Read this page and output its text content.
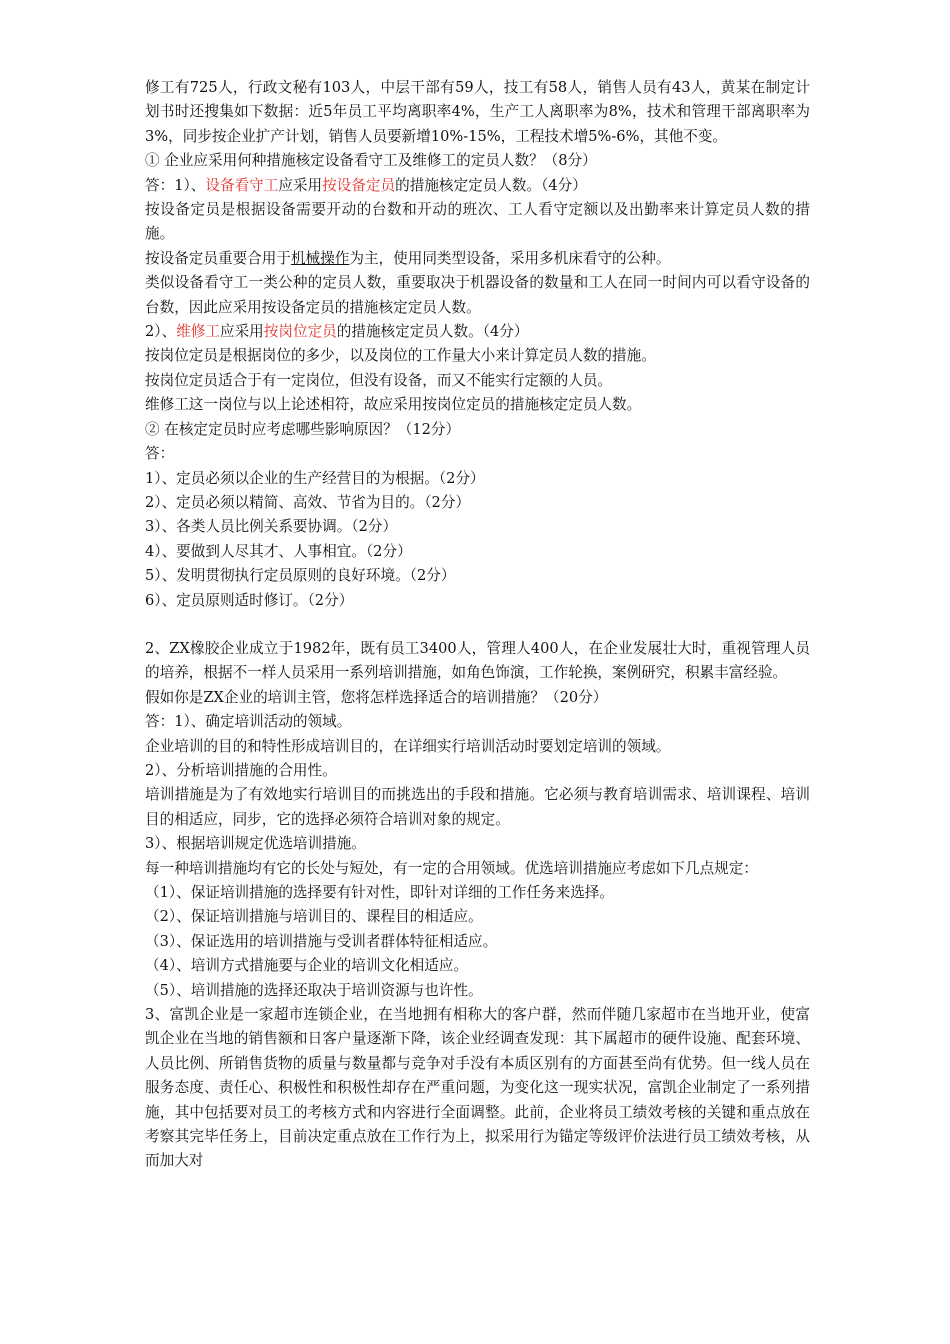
修工有725人，行政文秘有103人，中层干部有59人，技工有58人，销售人员有43人，黄某在制定计划书时还搜集如下数据：近5年员工平均离职率4%，生产工人离职率为8%，技术和管理干部离职率为3%，同步按企业扩产计划，销售人员要新增10%-15%，工程技术增5%-6%，其他不变。

① 企业应采用何种措施核定设备看守工及维修工的定员人数？（8分）

答：1）、设备看守工应采用按设备定员的措施核定定员人数。（4分）

按设备定员是根据设备需要开动的台数和开动的班次、工人看守定额以及出勤率来计算定员人数的措施。

按设备定员重要合用于机械操作为主，使用同类型设备，采用多机床看守的公种。

类似设备看守工一类公种的定员人数，重要取决于机器设备的数量和工人在同一时间内可以看守设备的台数，因此应采用按设备定员的措施核定定员人数。

2）、维修工应采用按岗位定员的措施核定定员人数。（4分）

按岗位定员是根据岗位的多少，以及岗位的工作量大小来计算定员人数的措施。

按岗位定员适合于有一定岗位，但没有设备，而又不能实行定额的人员。

维修工这一岗位与以上论述相符，故应采用按岗位定员的措施核定定员人数。

② 在核定定员时应考虑哪些影响原因？（12分）

答：

1）、定员必须以企业的生产经营目的为根据。（2分）

2）、定员必须以精简、高效、节省为目的。（2分）

3）、各类人员比例关系要协调。（2分）

4）、要做到人尽其才、人事相宜。（2分）

5）、发明贯彻执行定员原则的良好环境。（2分）

6）、定员原则适时修订。（2分）

2、ZX橡胶企业成立于1982年，既有员工3400人，管理人400人，在企业发展壮大时，重视管理人员的培养，根据不一样人员采用一系列培训措施，如角色饰演，工作轮换，案例研究，积累丰富经验。

假如你是ZX企业的培训主管，您将怎样选择适合的培训措施？（20分）

答：1）、确定培训活动的领域。

企业培训的目的和特性形成培训目的，在详细实行培训活动时要划定培训的领域。

2）、分析培训措施的合用性。

培训措施是为了有效地实行培训目的而挑选出的手段和措施。它必须与教育培训需求、培训课程、培训目的相适应，同步，它的选择必须符合培训对象的规定。

3）、根据培训规定优选培训措施。

每一种培训措施均有它的长处与短处，有一定的合用领域。优选培训措施应考虑如下几点规定：

（1）、保证培训措施的选择要有针对性，即针对详细的工作任务来选择。

（2）、保证培训措施与培训目的、课程目的相适应。

（3）、保证选用的培训措施与受训者群体特征相适应。

（4）、培训方式措施要与企业的培训文化相适应。

（5）、培训措施的选择还取决于培训资源与也许性。

3、富凯企业是一家超市连锁企业，在当地拥有相称大的客户群，然而伴随几家超市在当地开业，使富凯企业在当地的销售额和日客户量逐渐下降，该企业经调查发现：其下属超市的硬件设施、配套环境、人员比例、所销售货物的质量与数量都与竞争对手没有本质区别有的方面甚至尚有优势。但一线人员在服务态度、责任心、积极性和积极性却存在严重问题，为变化这一现实状况，富凯企业制定了一系列措施，其中包括要对员工的考核方式和内容进行全面调整。此前，企业将员工绩效考核的关键和重点放在考察其完毕任务上，目前决定重点放在工作行为上，拟采用行为锚定等级评价法进行员工绩效考核，从而加大对
